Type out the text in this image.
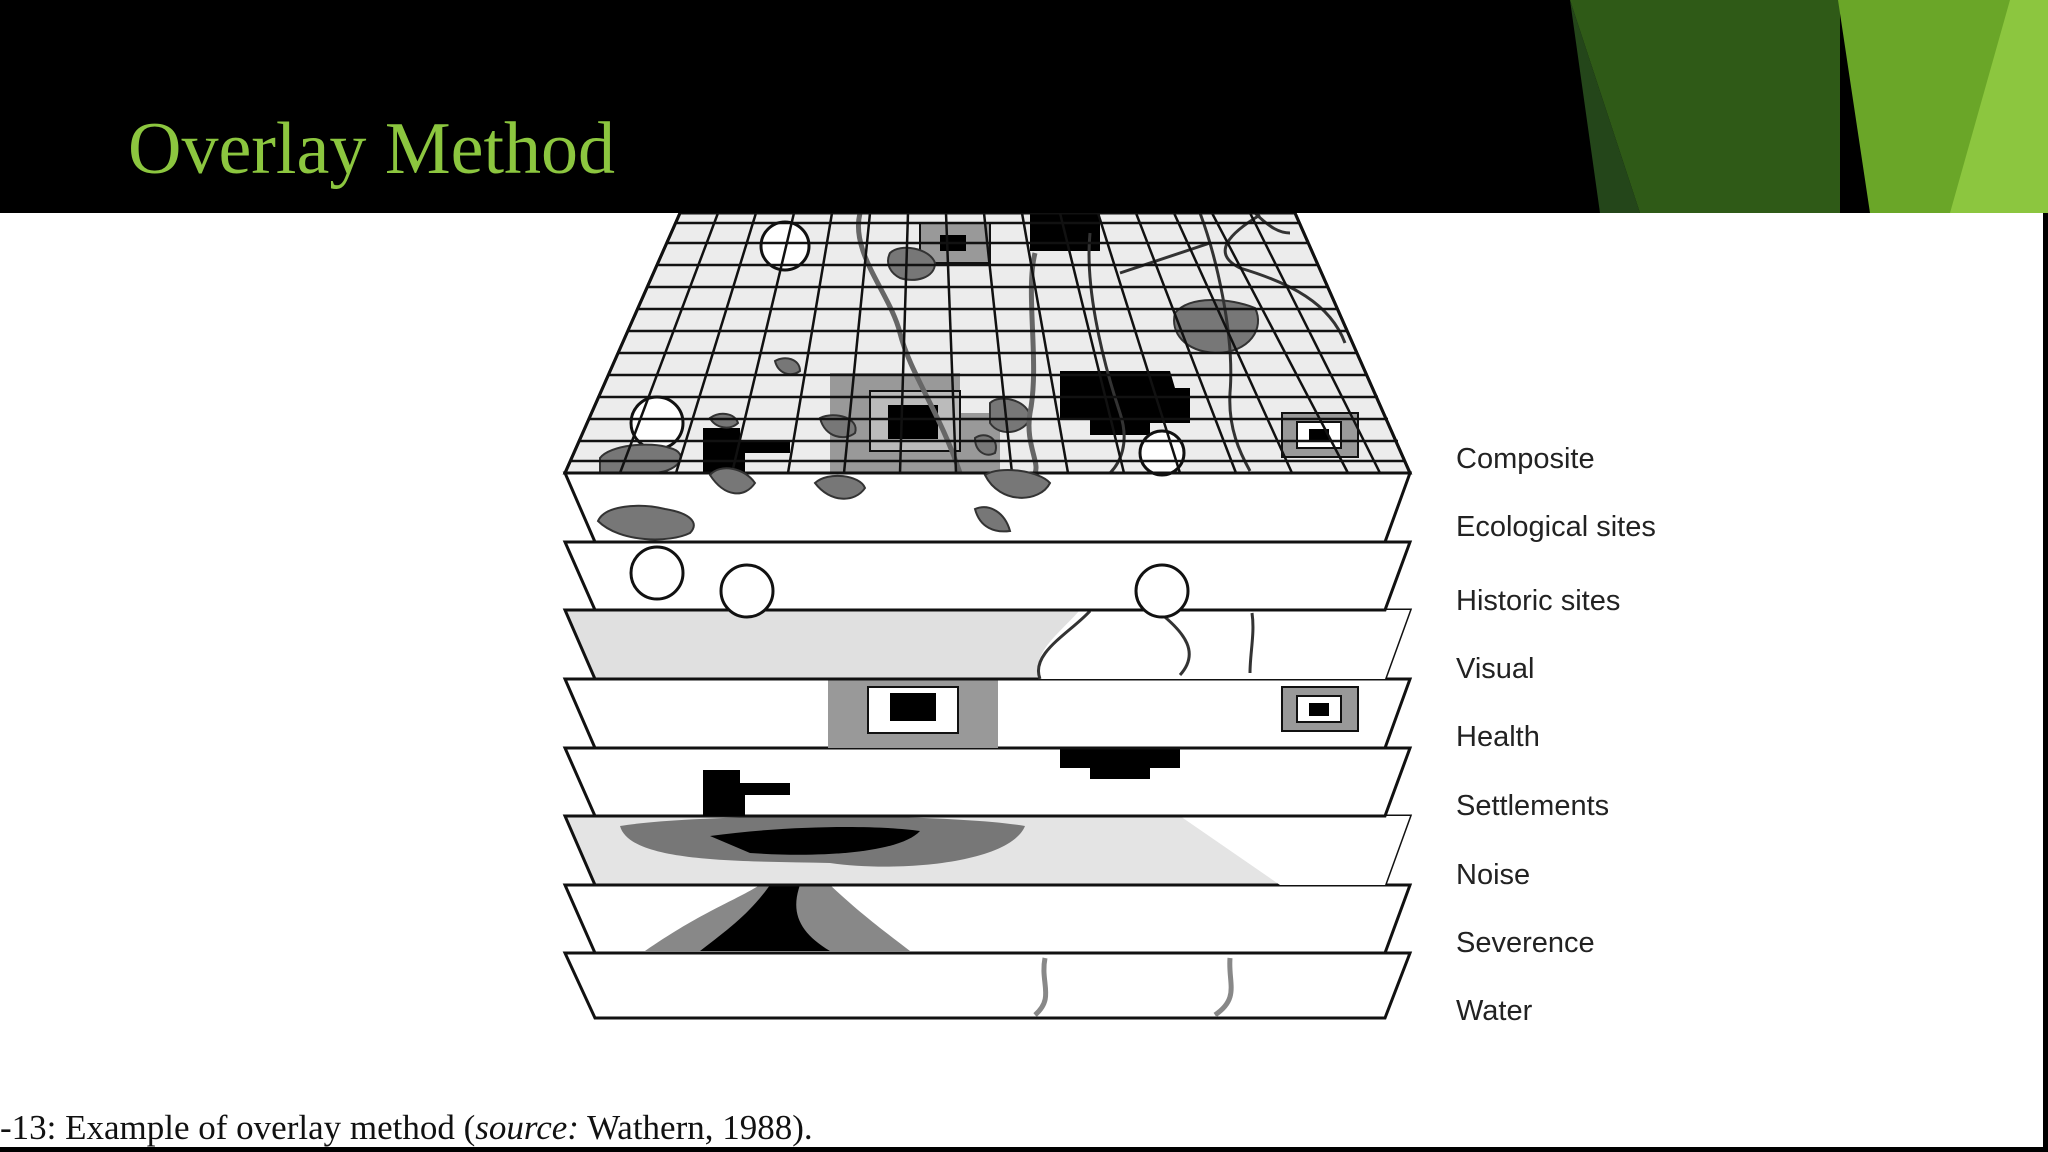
Overlay Method
Composite
Ecological sites
Historic sites
Visual
Health
Settlements
Noise
Severence
Water

-13: Example of overlay method (source: Wathern, 1988).
